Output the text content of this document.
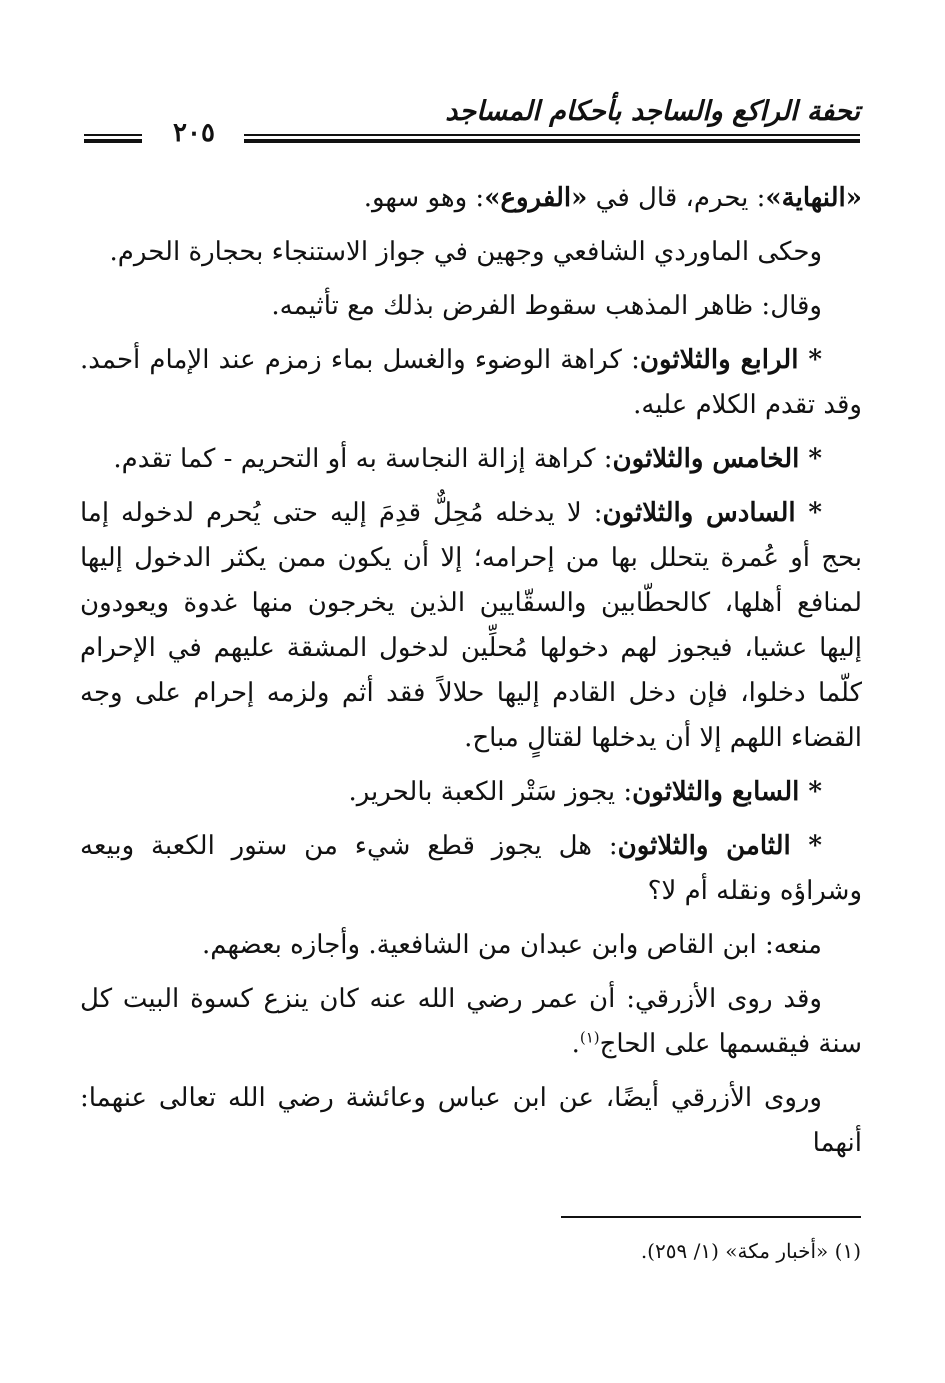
تحفة الراكع والساجد بأحكام المساجد
٢٠٥

«النهاية»: يحرم، قال في «الفروع»: وهو سهو.

وحكى الماوردي الشافعي وجهين في جواز الاستنجاء بحجارة الحرم.

وقال: ظاهر المذهب سقوط الفرض بذلك مع تأثيمه.

* الرابع والثلاثون: كراهة الوضوء والغسل بماء زمزم عند الإمام أحمد. وقد تقدم الكلام عليه.

* الخامس والثلاثون: كراهة إزالة النجاسة به أو التحريم - كما تقدم.

* السادس والثلاثون: لا يدخله مُحِلٌّ قدِمَ إليه حتى يُحرم لدخوله إما بحج أو عُمرة يتحلل بها من إحرامه؛ إلا أن يكون ممن يكثر الدخول إليها لمنافع أهلها، كالحطّابين والسقّايين الذين يخرجون منها غدوة ويعودون إليها عشيا، فيجوز لهم دخولها مُحلِّين لدخول المشقة عليهم في الإحرام كلّما دخلوا، فإن دخل القادم إليها حلالاً فقد أثم ولزمه إحرام على وجه القضاء اللهم إلا أن يدخلها لقتالٍ مباح.

* السابع والثلاثون: يجوز سَتْر الكعبة بالحرير.

* الثامن والثلاثون: هل يجوز قطع شيء من ستور الكعبة وبيعه وشراؤه ونقله أم لا؟

منعه: ابن القاص وابن عبدان من الشافعية. وأجازه بعضهم.

وقد روى الأزرقي: أن عمر رضي الله عنه كان ينزع كسوة البيت كل سنة فيقسمها على الحاج$^{(١)}$.

وروى الأزرقي أيضًا، عن ابن عباس وعائشة رضي الله تعالى عنهما: أنهما

(١) «أخبار مكة» (١/ ٢٥٩).
